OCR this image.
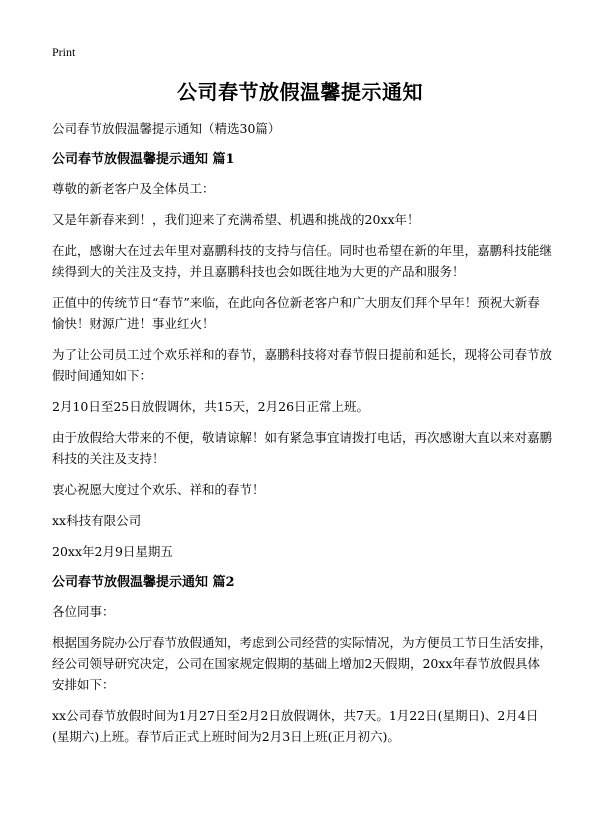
Print
公司春节放假温馨提示通知
公司春节放假温馨提示通知（精选30篇）
公司春节放假温馨提示通知 篇1
尊敬的新老客户及全体员工：
又是年新春来到！，我们迎来了充满希望、机遇和挑战的20xx年！
在此，感谢大在过去年里对嘉鹏科技的支持与信任。同时也希望在新的年里，嘉鹏科技能继续得到大的关注及支持，并且嘉鹏科技也会如既往地为大更的产品和服务！
正值中的传统节日“春节”来临，在此向各位新老客户和广大朋友们拜个早年！预祝大新春愉快！财源广进！事业红火！
为了让公司员工过个欢乐祥和的春节，嘉鹏科技将对春节假日提前和延长，现将公司春节放假时间通知如下：
2月10日至25日放假调休，共15天，2月26日正常上班。
由于放假给大带来的不便，敬请谅解！如有紧急事宜请拨打电话，再次感谢大直以来对嘉鹏科技的关注及支持！
衷心祝愿大度过个欢乐、祥和的春节！
xx科技有限公司
20xx年2月9日星期五
公司春节放假温馨提示通知 篇2
各位同事：
根据国务院办公厅春节放假通知，考虑到公司经营的实际情况，为方便员工节日生活安排，经公司领导研究决定，公司在国家规定假期的基础上增加2天假期，20xx年春节放假具体安排如下：
xx公司春节放假时间为1月27日至2月2日放假调休，共7天。1月22日(星期日)、2月4日(星期六)上班。春节后正式上班时间为2月3日上班(正月初六)。
